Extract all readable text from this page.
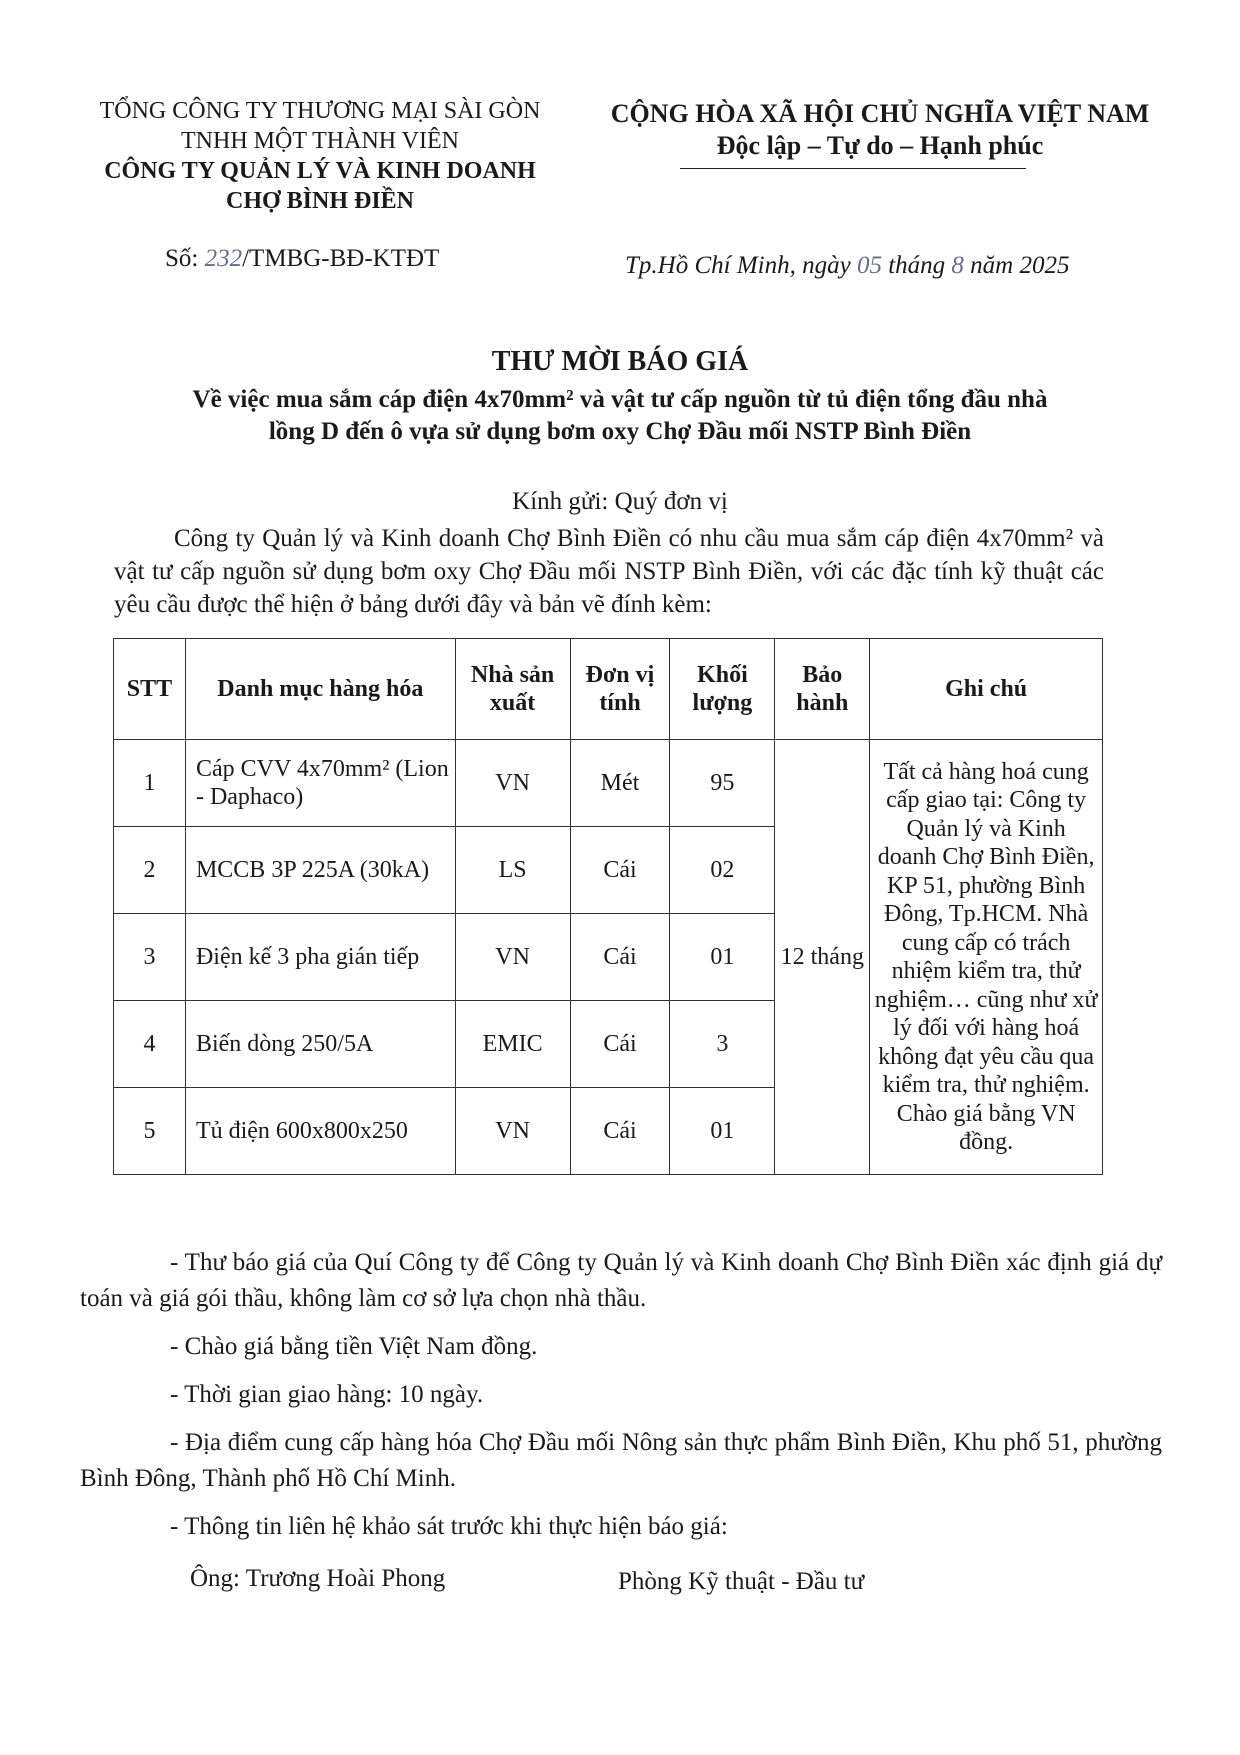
TỔNG CÔNG TY THƯƠNG MẠI SÀI GÒN
TNHH MỘT THÀNH VIÊN
CÔNG TY QUẢN LÝ VÀ KINH DOANH
CHỢ BÌNH ĐIỀN
CỘNG HÒA XÃ HỘI CHỦ NGHĨA VIỆT NAM
Độc lập – Tự do – Hạnh phúc
Số: 232/TMBG-BĐ-KTĐT	Tp.Hồ Chí Minh, ngày 05 tháng 8 năm 2025
THƯ MỜI BÁO GIÁ
Về việc mua sắm cáp điện 4x70mm² và vật tư cấp nguồn từ tủ điện tổng đầu nhà
lồng D đến ô vựa sử dụng bơm oxy Chợ Đầu mối NSTP Bình Điền
Kính gửi: Quý đơn vị
Công ty Quản lý và Kinh doanh Chợ Bình Điền có nhu cầu mua sắm cáp điện 4x70mm² và vật tư cấp nguồn sử dụng bơm oxy Chợ Đầu mối NSTP Bình Điền, với các đặc tính kỹ thuật các yêu cầu được thể hiện ở bảng dưới đây và bản vẽ đính kèm:
STT	Danh mục hàng hóa	Nhà sản xuất	Đơn vị tính	Khối lượng	Bảo hành	Ghi chú
1	Cáp CVV 4x70mm² (Lion - Daphaco)	VN	Mét	95	12 tháng	Tất cả hàng hoá cung cấp giao tại: Công ty Quản lý và Kinh doanh Chợ Bình Điền, KP 51, phường Bình Đông, Tp.HCM. Nhà cung cấp có trách nhiệm kiểm tra, thử nghiệm… cũng như xử lý đối với hàng hoá không đạt yêu cầu qua kiểm tra, thử nghiệm. Chào giá bằng VN đồng.
2	MCCB 3P 225A (30kA)	LS	Cái	02		
3	Điện kế 3 pha gián tiếp	VN	Cái	01		
4	Biến dòng 250/5A	EMIC	Cái	3		
5	Tủ điện 600x800x250	VN	Cái	01		

- Thư báo giá của Quí Công ty để Công ty Quản lý và Kinh doanh Chợ Bình Điền xác định giá dự toán và giá gói thầu, không làm cơ sở lựa chọn nhà thầu.

- Chào giá bằng tiền Việt Nam đồng.

- Thời gian giao hàng: 10 ngày.

- Địa điểm cung cấp hàng hóa Chợ Đầu mối Nông sản thực phẩm Bình Điền, Khu phố 51, phường Bình Đông, Thành phố Hồ Chí Minh.

- Thông tin liên hệ khảo sát trước khi thực hiện báo giá:

Ông: Trương Hoài Phong	Phòng Kỹ thuật - Đầu tư
